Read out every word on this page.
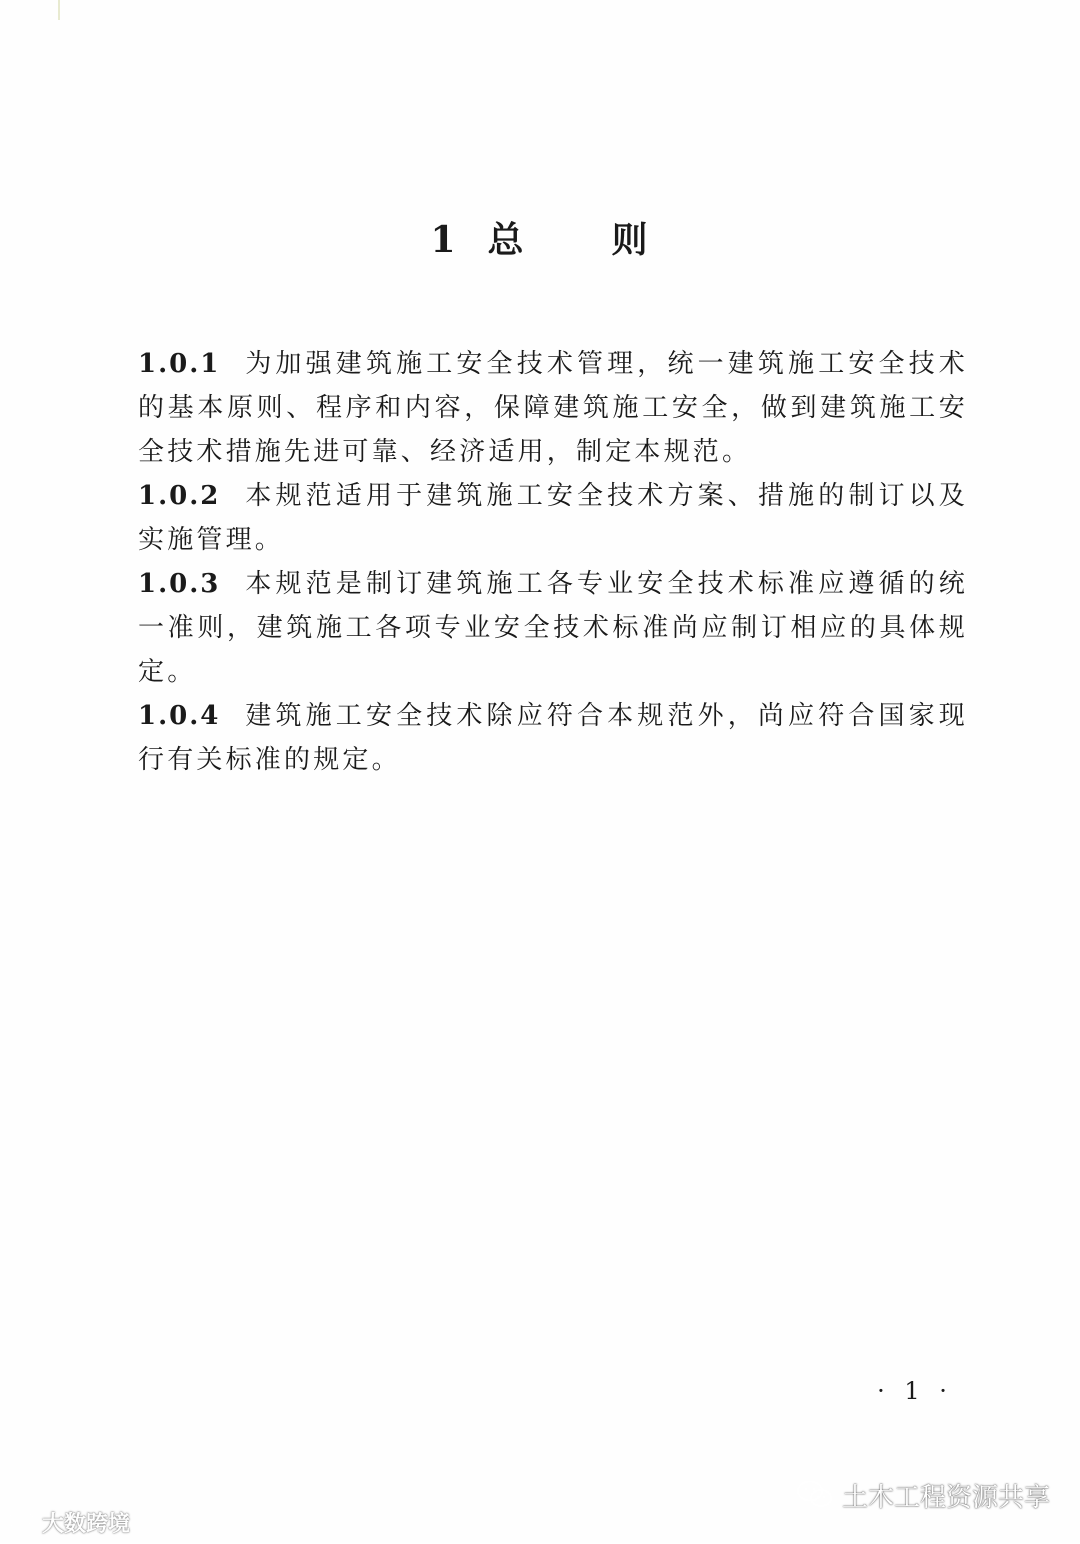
1 总 则

1.0.1 为加强建筑施工安全技术管理，统一建筑施工安全技术的基本原则、程序和内容，保障建筑施工安全，做到建筑施工安全技术措施先进可靠、经济适用，制定本规范。

1.0.2 本规范适用于建筑施工安全技术方案、措施的制订以及实施管理。

1.0.3 本规范是制订建筑施工各专业安全技术标准应遵循的统一准则，建筑施工各项专业安全技术标准尚应制订相应的具体规定。

1.0.4 建筑施工安全技术除应符合本规范外，尚应符合国家现行有关标准的规定。

· 1 ·
大数跨境
土木工程资源共享
